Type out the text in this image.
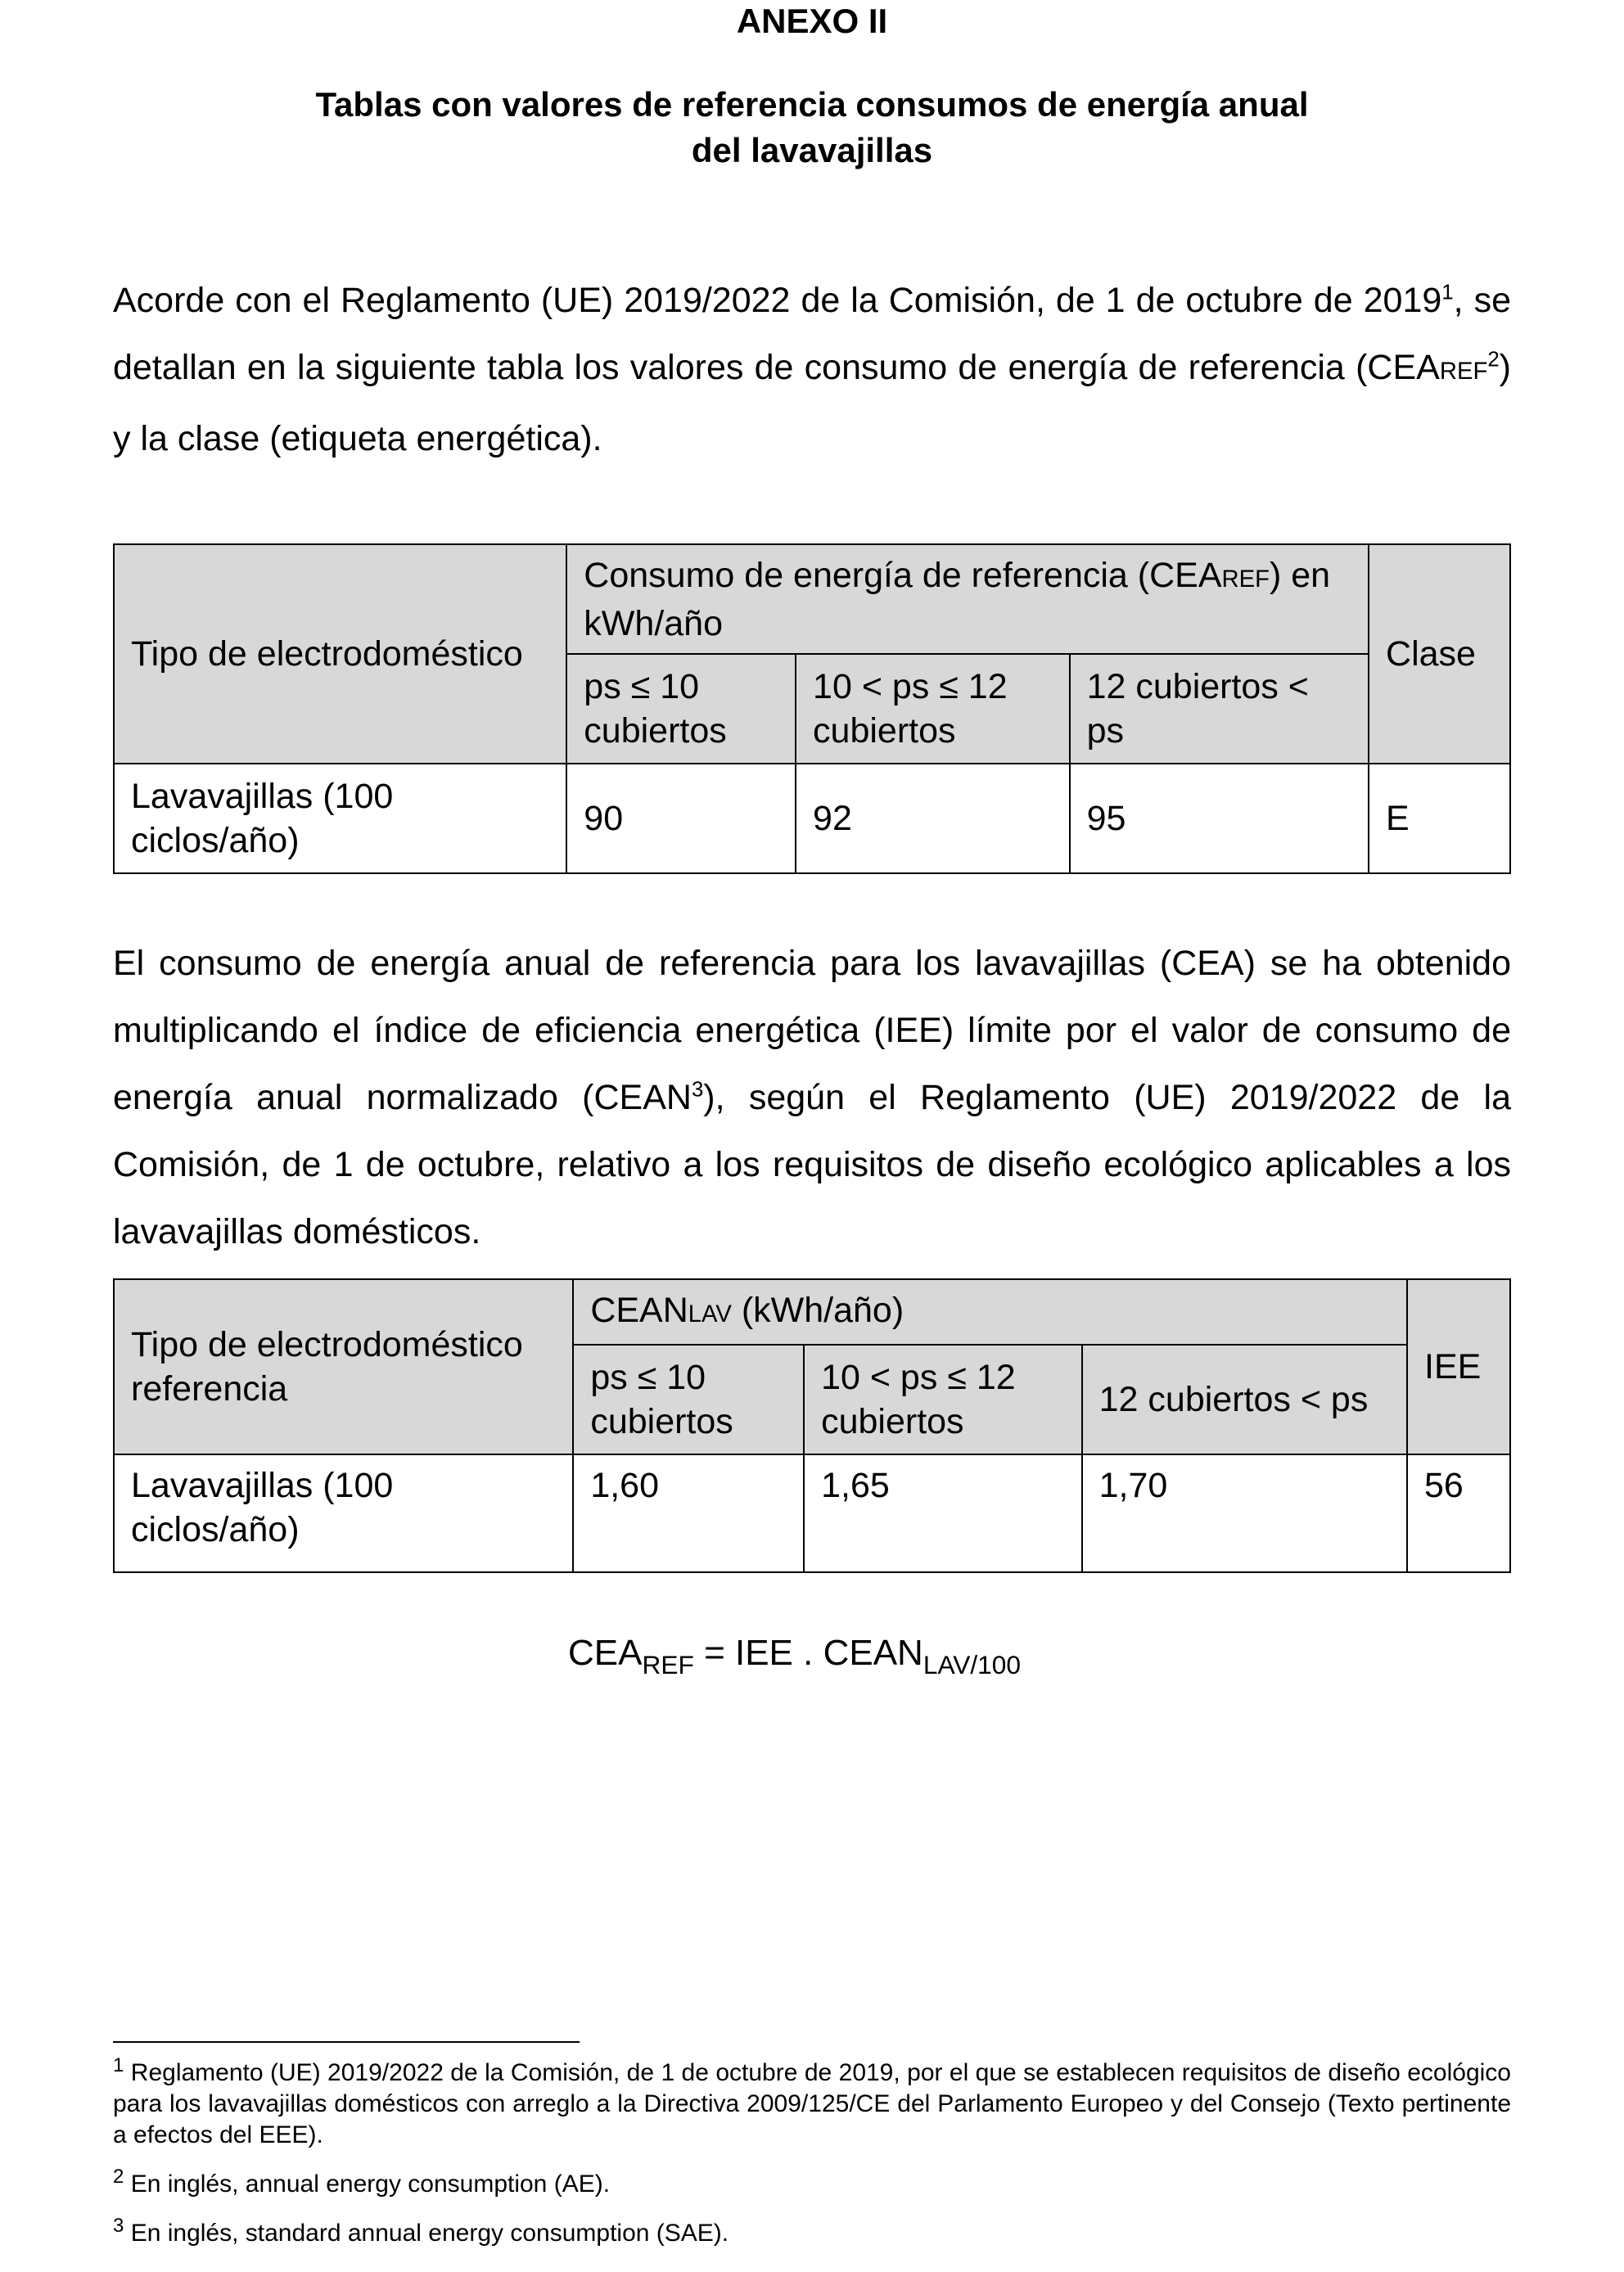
ANEXO II
Tablas con valores de referencia consumos de energía anual
del lavavajillas
Acorde con el Reglamento (UE) 2019/2022 de la Comisión, de 1 de octubre de 2019$^1$, se detallan en la siguiente tabla los valores de consumo de energía de referencia (CEAREF$^2$) y la clase (etiqueta energética).
Tipo de electrodoméstico	Consumo de energía de referencia (CEAREF) en kWh/año			Clase
	ps ≤ 10 cubiertos	10 < ps ≤ 12 cubiertos	12 cubiertos < ps	
Lavavajillas (100 ciclos/año)	90	92	95	E
El consumo de energía anual de referencia para los lavavajillas (CEA) se ha obtenido multiplicando el índice de eficiencia energética (IEE) límite por el valor de consumo de energía anual normalizado (CEAN$^3$), según el Reglamento (UE) 2019/2022 de la Comisión, de 1 de octubre, relativo a los requisitos de diseño ecológico aplicables a los lavavajillas domésticos.
Tipo de electrodoméstico referencia	CEANLAV (kWh/año)			IEE
	ps ≤ 10 cubiertos	10 < ps ≤ 12 cubiertos	12 cubiertos < ps	
Lavavajillas (100 ciclos/año)	1,60	1,65	1,70	56
$CEA_{REF}$ = IEE . $CEAN_{LAV/100}$
$^1$ Reglamento (UE) 2019/2022 de la Comisión, de 1 de octubre de 2019, por el que se establecen requisitos de diseño ecológico para los lavavajillas domésticos con arreglo a la Directiva 2009/125/CE del Parlamento Europeo y del Consejo (Texto pertinente a efectos del EEE).
$^2$ En inglés, annual energy consumption (AE).
$^3$ En inglés, standard annual energy consumption (SAE).
